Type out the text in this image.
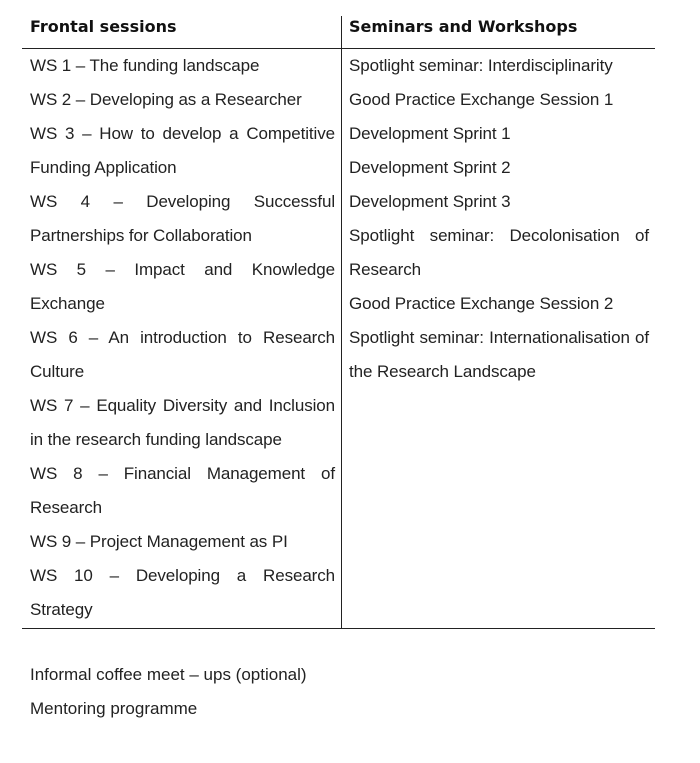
Frontal sessions
WS 1 – The funding landscape
WS 2 – Developing as a Researcher
WS 3 – How to develop a Competitive Funding Application
WS 4 – Developing Successful Partnerships for Collaboration
WS 5 – Impact and Knowledge Exchange
WS 6 – An introduction to Research Culture
WS 7 – Equality Diversity and Inclusion in the research funding landscape
WS 8 – Financial Management of Research
WS 9 – Project Management as PI
WS 10 – Developing a Research Strategy
Seminars and Workshops
Spotlight seminar: Interdisciplinarity
Good Practice Exchange Session 1
Development Sprint 1
Development Sprint 2
Development Sprint 3
Spotlight seminar: Decolonisation of Research
Good Practice Exchange Session 2
Spotlight seminar: Internationalisation of the Research Landscape
Informal coffee meet – ups (optional)
Mentoring programme
